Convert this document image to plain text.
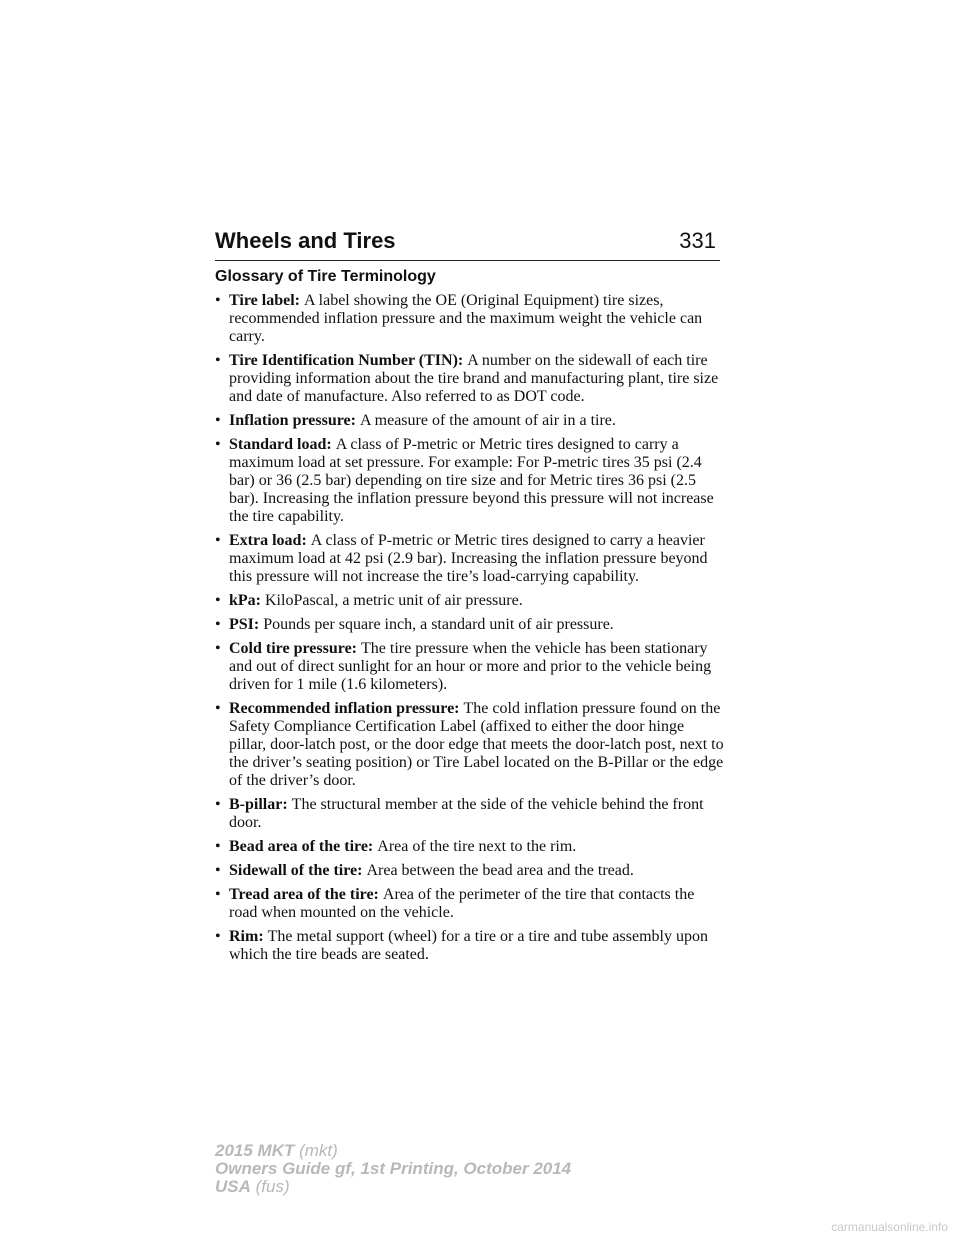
Wheels and Tires	331
Glossary of Tire Terminology
• Tire label: A label showing the OE (Original Equipment) tire sizes, recommended inflation pressure and the maximum weight the vehicle can carry.
• Tire Identification Number (TIN): A number on the sidewall of each tire providing information about the tire brand and manufacturing plant, tire size and date of manufacture. Also referred to as DOT code.
• Inflation pressure: A measure of the amount of air in a tire.
• Standard load: A class of P-metric or Metric tires designed to carry a maximum load at set pressure. For example: For P-metric tires 35 psi (2.4 bar) or 36 (2.5 bar) depending on tire size and for Metric tires 36 psi (2.5 bar). Increasing the inflation pressure beyond this pressure will not increase the tire capability.
• Extra load: A class of P-metric or Metric tires designed to carry a heavier maximum load at 42 psi (2.9 bar). Increasing the inflation pressure beyond this pressure will not increase the tire’s load-carrying capability.
• kPa: KiloPascal, a metric unit of air pressure.
• PSI: Pounds per square inch, a standard unit of air pressure.
• Cold tire pressure: The tire pressure when the vehicle has been stationary and out of direct sunlight for an hour or more and prior to the vehicle being driven for 1 mile (1.6 kilometers).
• Recommended inflation pressure: The cold inflation pressure found on the Safety Compliance Certification Label (affixed to either the door hinge pillar, door-latch post, or the door edge that meets the door-latch post, next to the driver’s seating position) or Tire Label located on the B-Pillar or the edge of the driver’s door.
• B-pillar: The structural member at the side of the vehicle behind the front door.
• Bead area of the tire: Area of the tire next to the rim.
• Sidewall of the tire: Area between the bead area and the tread.
• Tread area of the tire: Area of the perimeter of the tire that contacts the road when mounted on the vehicle.
• Rim: The metal support (wheel) for a tire or a tire and tube assembly upon which the tire beads are seated.
2015 MKT (mkt)
Owners Guide gf, 1st Printing, October 2014
USA (fus)
carmanualsonline.info
